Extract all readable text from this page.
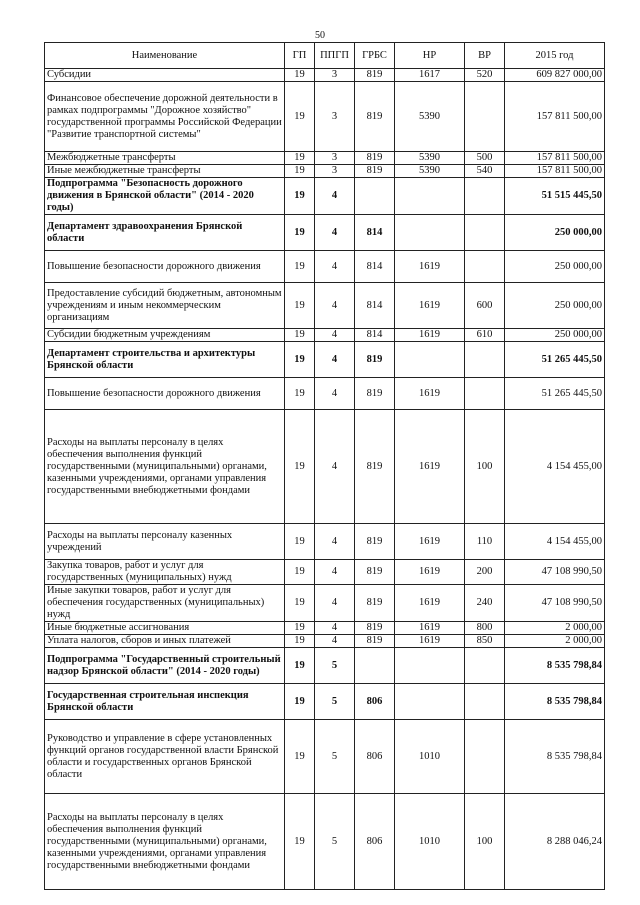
50
Наименование	ГП	ППГП	ГРБС	НР	ВР	2015 год
Субсидии	19	3	819	1617	520	609 827 000,00
Финансовое обеспечение дорожной деятельности в рамках подпрограммы "Дорожное хозяйство" государственной программы Российской Федерации "Развитие транспортной системы"	19	3	819	5390		157 811 500,00
Межбюджетные трансферты	19	3	819	5390	500	157 811 500,00
Иные межбюджетные трансферты	19	3	819	5390	540	157 811 500,00
Подпрограмма "Безопасность дорожного движения в Брянской области" (2014 - 2020 годы)	19	4				51 515 445,50
Департамент здравоохранения Брянской области	19	4	814			250 000,00
Повышение безопасности дорожного движения	19	4	814	1619		250 000,00
Предоставление субсидий бюджетным, автономным учреждениям и иным некоммерческим организациям	19	4	814	1619	600	250 000,00
Субсидии бюджетным учреждениям	19	4	814	1619	610	250 000,00
Департамент строительства и архитектуры Брянской области	19	4	819			51 265 445,50
Повышение безопасности дорожного движения	19	4	819	1619		51 265 445,50
Расходы на выплаты персоналу в целях обеспечения выполнения функций государственными (муниципальными) органами, казенными учреждениями, органами управления государственными внебюджетными фондами	19	4	819	1619	100	4 154 455,00
Расходы на выплаты персоналу казенных учреждений	19	4	819	1619	110	4 154 455,00
Закупка товаров, работ и услуг для государственных (муниципальных) нужд	19	4	819	1619	200	47 108 990,50
Иные закупки товаров, работ и услуг для обеспечения государственных (муниципальных) нужд	19	4	819	1619	240	47 108 990,50
Иные бюджетные ассигнования	19	4	819	1619	800	2 000,00
Уплата налогов, сборов и иных платежей	19	4	819	1619	850	2 000,00
Подпрограмма "Государственный строительный надзор Брянской области" (2014 - 2020 годы)	19	5				8 535 798,84
Государственная строительная инспекция Брянской области	19	5	806			8 535 798,84
Руководство и управление в сфере установленных функций органов государственной власти Брянской области и государственных органов Брянской области	19	5	806	1010		8 535 798,84
Расходы на выплаты персоналу в целях обеспечения выполнения функций государственными (муниципальными) органами, казенными учреждениями, органами управления государственными внебюджетными фондами	19	5	806	1010	100	8 288 046,24
